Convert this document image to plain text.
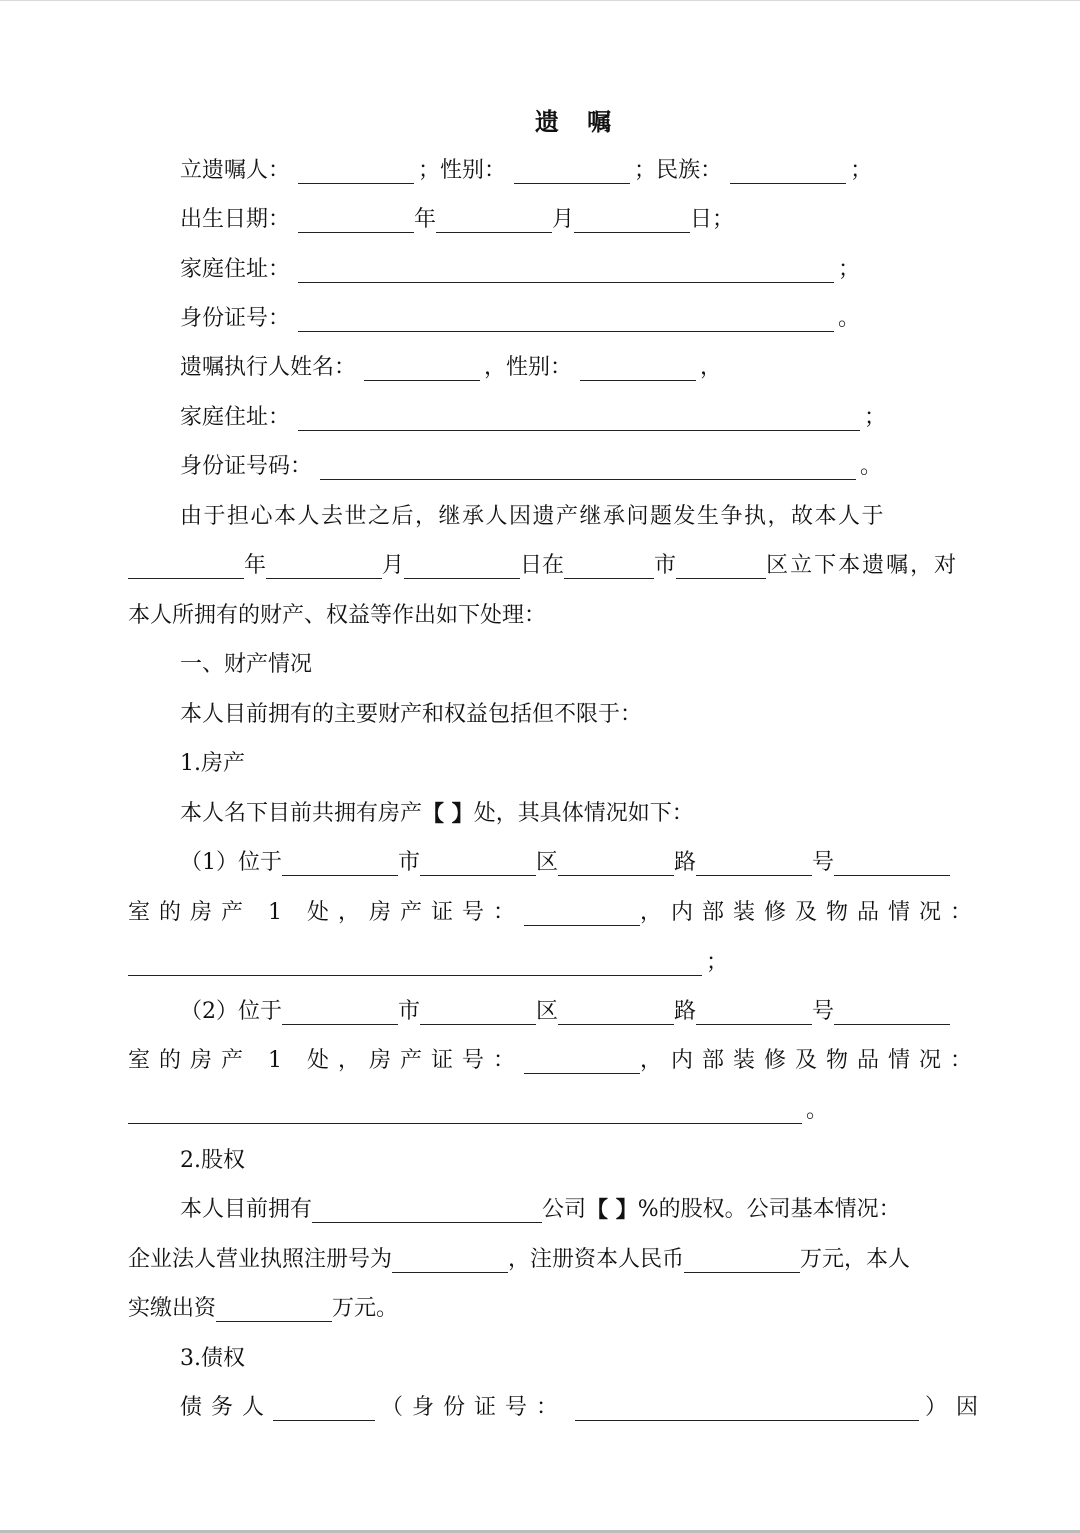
遗 嘱
立遗嘱人：	；性别：	；民族：	；
出生日期：	年	月	日；
家庭住址：	；
身份证号：	。
遗嘱执行人姓名：	，性别：	，
家庭住址：	；
身份证号码：	。
由于担心本人去世之后，继承人因遗产继承问题发生争执，故本人于
年	月	日在	市	区立下本遗嘱，对
本人所拥有的财产、权益等作出如下处理：
一、财产情况
本人目前拥有的主要财产和权益包括但不限于：
1.房产
本人名下目前共拥有房产【 】处，其具体情况如下：
（1）位于	市	区	路	号
室的房产 1 处，房产证号：	，内部装修及物品情况：
；
（2）位于	市	区	路	号
室的房产 1 处，房产证号：	，内部装修及物品情况：
。
2.股权
本人目前拥有	公司【 】%的股权。公司基本情况：
企业法人营业执照注册号为	，注册资本人民币	万元，本人
实缴出资	万元。
3.债权
债务人	（身份证号：	）因
